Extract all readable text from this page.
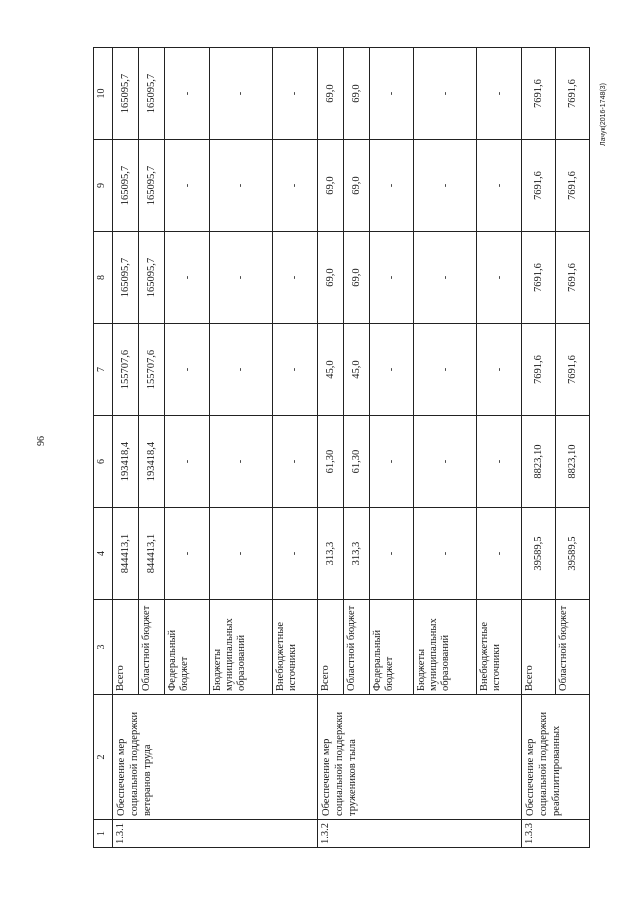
96
Лачук(2016-1748(3)
1	2	3	4	6	7	8	9	10
1.3.1	Обеспечение мер социальной поддержки ветеранов труда	Всего	844413,1	193418,4	155707,6	165095,7	165095,7	165095,7
		Областной бюджет	844413,1	193418,4	155707,6	165095,7	165095,7	165095,7
		Федеральный бюджет	-	-	-	-	-	-
		Бюджеты муниципальных образований	-	-	-	-	-	-
		Внебюджетные источники	-	-	-	-	-	-
1.3.2	Обеспечение мер социальной поддержки тружеников тыла	Всего	313,3	61,30	45,0	69,0	69,0	69,0
		Областной бюджет	313,3	61,30	45,0	69,0	69,0	69,0
		Федеральный бюджет	-	-	-	-	-	-
		Бюджеты муниципальных образований	-	-	-	-	-	-
		Внебюджетные источники	-	-	-	-	-	-
1.3.3	Обеспечение мер социальной поддержки реабилитированных	Всего	39589,5	8823,10	7691,6	7691,6	7691,6	7691,6
		Областной бюджет	39589,5	8823,10	7691,6	7691,6	7691,6	7691,6
